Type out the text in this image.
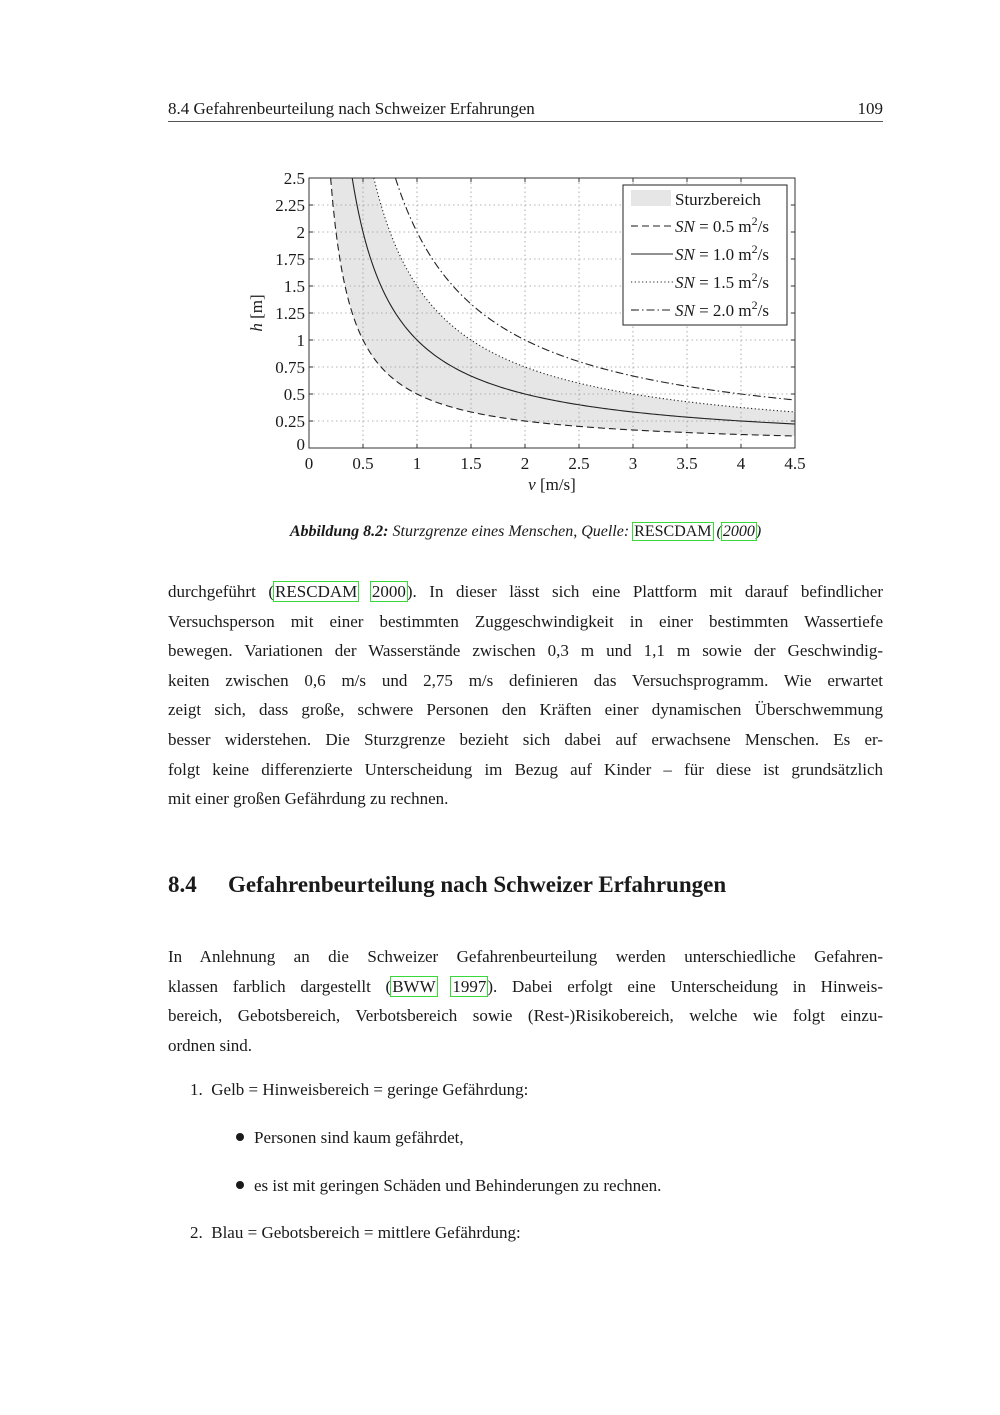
8.4 Gefahrenbeurteilung nach Schweizer Erfahrungen	109
0 0.5 1 1.5 2 2.5 3 3.5 4 4.5
0
0.25
0.5
0.75
1
1.25
1.5
1.75
2
2.25
2.5
v [m/s]
h [m]
Sturzbereich
SN = 0.5 $m^2/s$
SN = 1.0 $m^2/s$
SN = 1.5 $m^2/s$
SN = 2.0 $m^2/s$
Abbildung 8.2: Sturzgrenze eines Menschen, Quelle: RESCDAM (2000)
durchgeführt (RESCDAM 2000). In dieser lässt sich eine Plattform mit darauf befindlicher
Versuchsperson mit einer bestimmten Zuggeschwindigkeit in einer bestimmten Wassertiefe
bewegen. Variationen der Wasserstände zwischen 0,3 m und 1,1 m sowie der Geschwindig-
keiten zwischen 0,6 m/s und 2,75 m/s definieren das Versuchsprogramm. Wie erwartet
zeigt sich, dass große, schwere Personen den Kräften einer dynamischen Überschwemmung
besser widerstehen. Die Sturzgrenze bezieht sich dabei auf erwachsene Menschen. Es er-
folgt keine differenzierte Unterscheidung im Bezug auf Kinder – für diese ist grundsätzlich
mit einer großen Gefährdung zu rechnen.
8.4 Gefahrenbeurteilung nach Schweizer Erfahrungen
In Anlehnung an die Schweizer Gefahrenbeurteilung werden unterschiedliche Gefahren-
klassen farblich dargestellt (BWW 1997). Dabei erfolgt eine Unterscheidung in Hinweis-
bereich, Gebotsbereich, Verbotsbereich sowie (Rest-)Risikobereich, welche wie folgt einzu-
ordnen sind.
1. Gelb = Hinweisbereich = geringe Gefährdung:
Personen sind kaum gefährdet,
es ist mit geringen Schäden und Behinderungen zu rechnen.
2. Blau = Gebotsbereich = mittlere Gefährdung:
